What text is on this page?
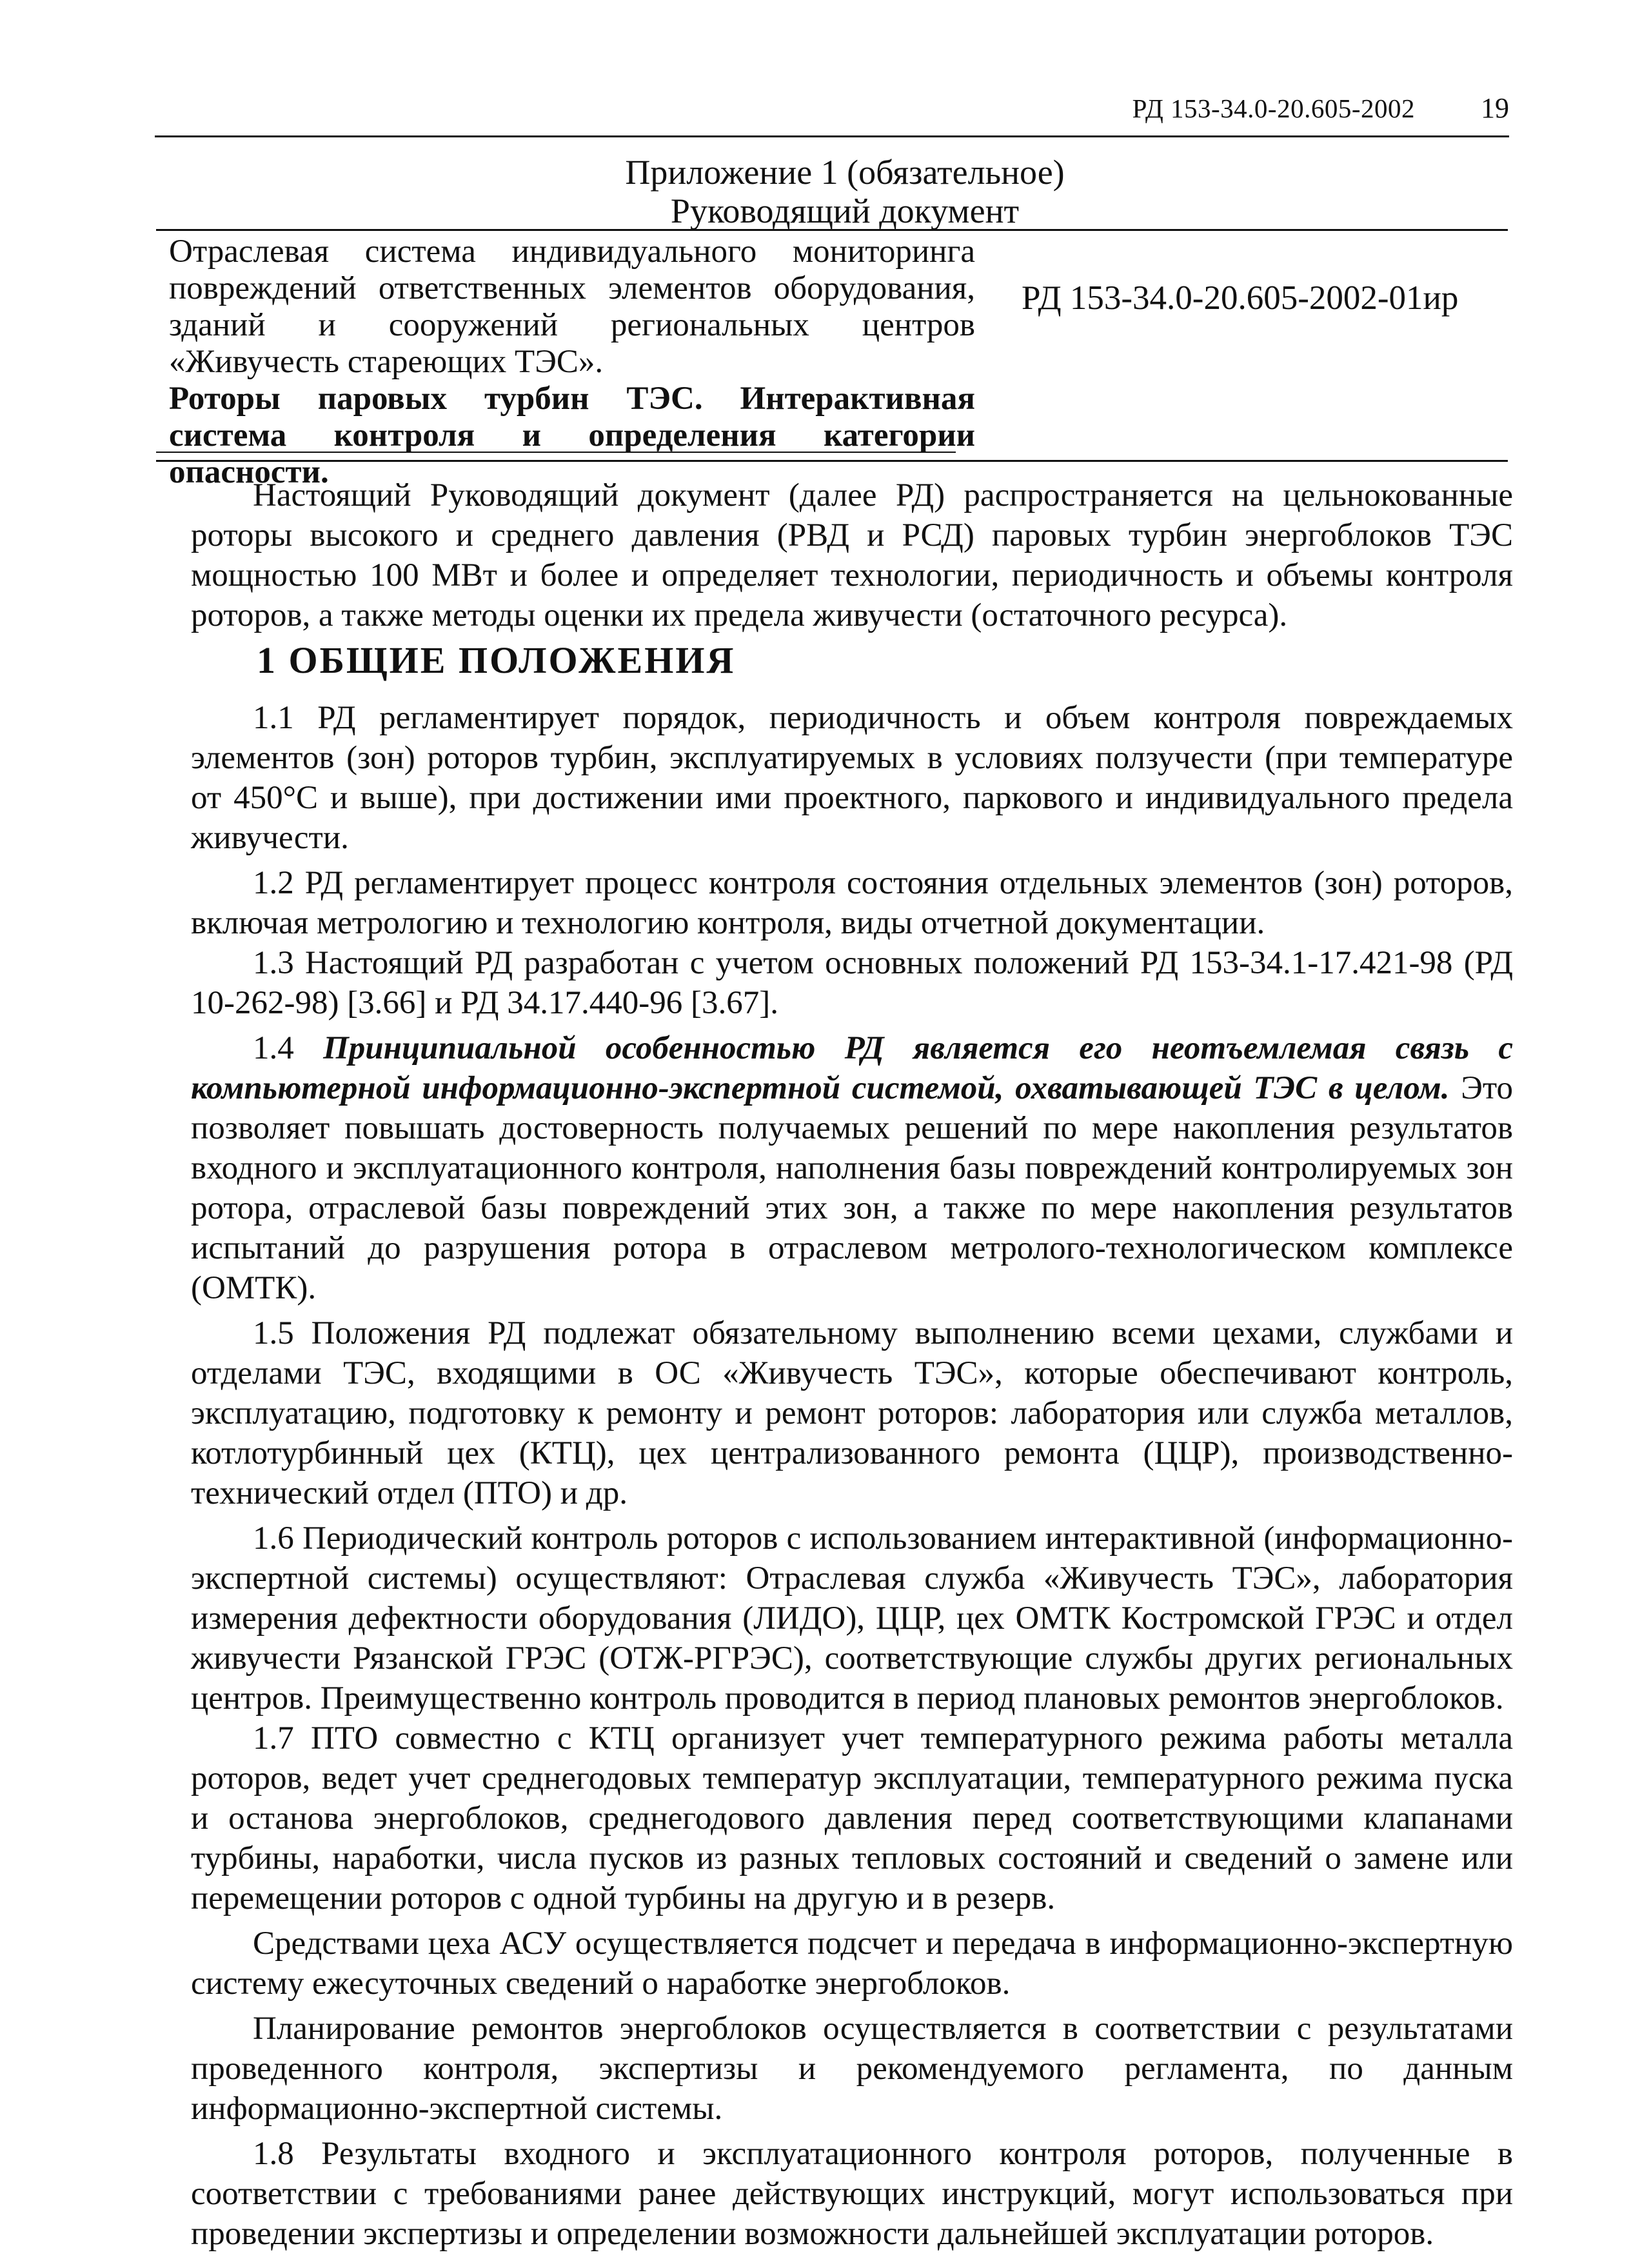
РД 153-34.0-20.605-2002 19
Приложение 1 (обязательное)
Руководящий документ

Отраслевая система индивидуального мониторинга повреждений ответственных элементов оборудования, зданий и сооружений региональных центров «Живучесть стареющих ТЭС».

Роторы паровых турбин ТЭС. Интерактивная система контроля и определения категории опасности.

РД 153-34.0-20.605-2002-01ир

Настоящий Руководящий документ (далее РД) распространяется на цельнокованные роторы высокого и среднего давления (РВД и РСД) паровых турбин энергоблоков ТЭС мощностью 100 МВт и более и определяет технологии, периодичность и объемы контроля роторов, а также методы оценки их предела живучести (остаточного ресурса).

1 ОБЩИЕ ПОЛОЖЕНИЯ

1.1 РД регламентирует порядок, периодичность и объем контроля повреждаемых элементов (зон) роторов турбин, эксплуатируемых в условиях ползучести (при температуре от 450°С и выше), при достижении ими проектного, паркового и индивидуального предела живучести.

1.2 РД регламентирует процесс контроля состояния отдельных элементов (зон) роторов, включая метрологию и технологию контроля, виды отчетной документации.

1.3 Настоящий РД разработан с учетом основных положений РД 153-34.1-17.421-98 (РД 10-262-98) [3.66] и РД 34.17.440-96 [3.67].

1.4 Принципиальной особенностью РД является его неотъемлемая связь с компьютерной информационно-экспертной системой, охватывающей ТЭС в целом. Это позволяет повышать достоверность получаемых решений по мере накопления результатов входного и эксплуатационного контроля, наполнения базы повреждений контролируемых зон ротора, отраслевой базы повреждений этих зон, а также по мере накопления результатов испытаний до разрушения ротора в отраслевом метролого-технологическом комплексе (ОМТК).

1.5 Положения РД подлежат обязательному выполнению всеми цехами, службами и отделами ТЭС, входящими в ОС «Живучесть ТЭС», которые обеспечивают контроль, эксплуатацию, подготовку к ремонту и ремонт роторов: лаборатория или служба металлов, котлотурбинный цех (КТЦ), цех централизованного ремонта (ЦЦР), производственно-технический отдел (ПТО) и др.

1.6 Периодический контроль роторов с использованием интерактивной (информационно-экспертной системы) осуществляют: Отраслевая служба «Живучесть ТЭС», лаборатория измерения дефектности оборудования (ЛИДО), ЦЦР, цех ОМТК Костромской ГРЭС и отдел живучести Рязанской ГРЭС (ОТЖ-РГРЭС), соответствующие службы других региональных центров. Преимущественно контроль проводится в период плановых ремонтов энергоблоков.

1.7 ПТО совместно с КТЦ организует учет температурного режима работы металла роторов, ведет учет среднегодовых температур эксплуатации, температурного режима пуска и останова энергоблоков, среднегодового давления перед соответствующими клапанами турбины, наработки, числа пусков из разных тепловых состояний и сведений о замене или перемещении роторов с одной турбины на другую и в резерв.

Средствами цеха АСУ осуществляется подсчет и передача в информационно-экспертную систему ежесуточных сведений о наработке энергоблоков.

Планирование ремонтов энергоблоков осуществляется в соответствии с результатами проведенного контроля, экспертизы и рекомендуемого регламента, по данным информационно-экспертной системы.

1.8 Результаты входного и эксплуатационного контроля роторов, полученные в соответствии с требованиями ранее действующих инструкций, могут использоваться при проведении экспертизы и определении возможности дальнейшей эксплуатации роторов.
